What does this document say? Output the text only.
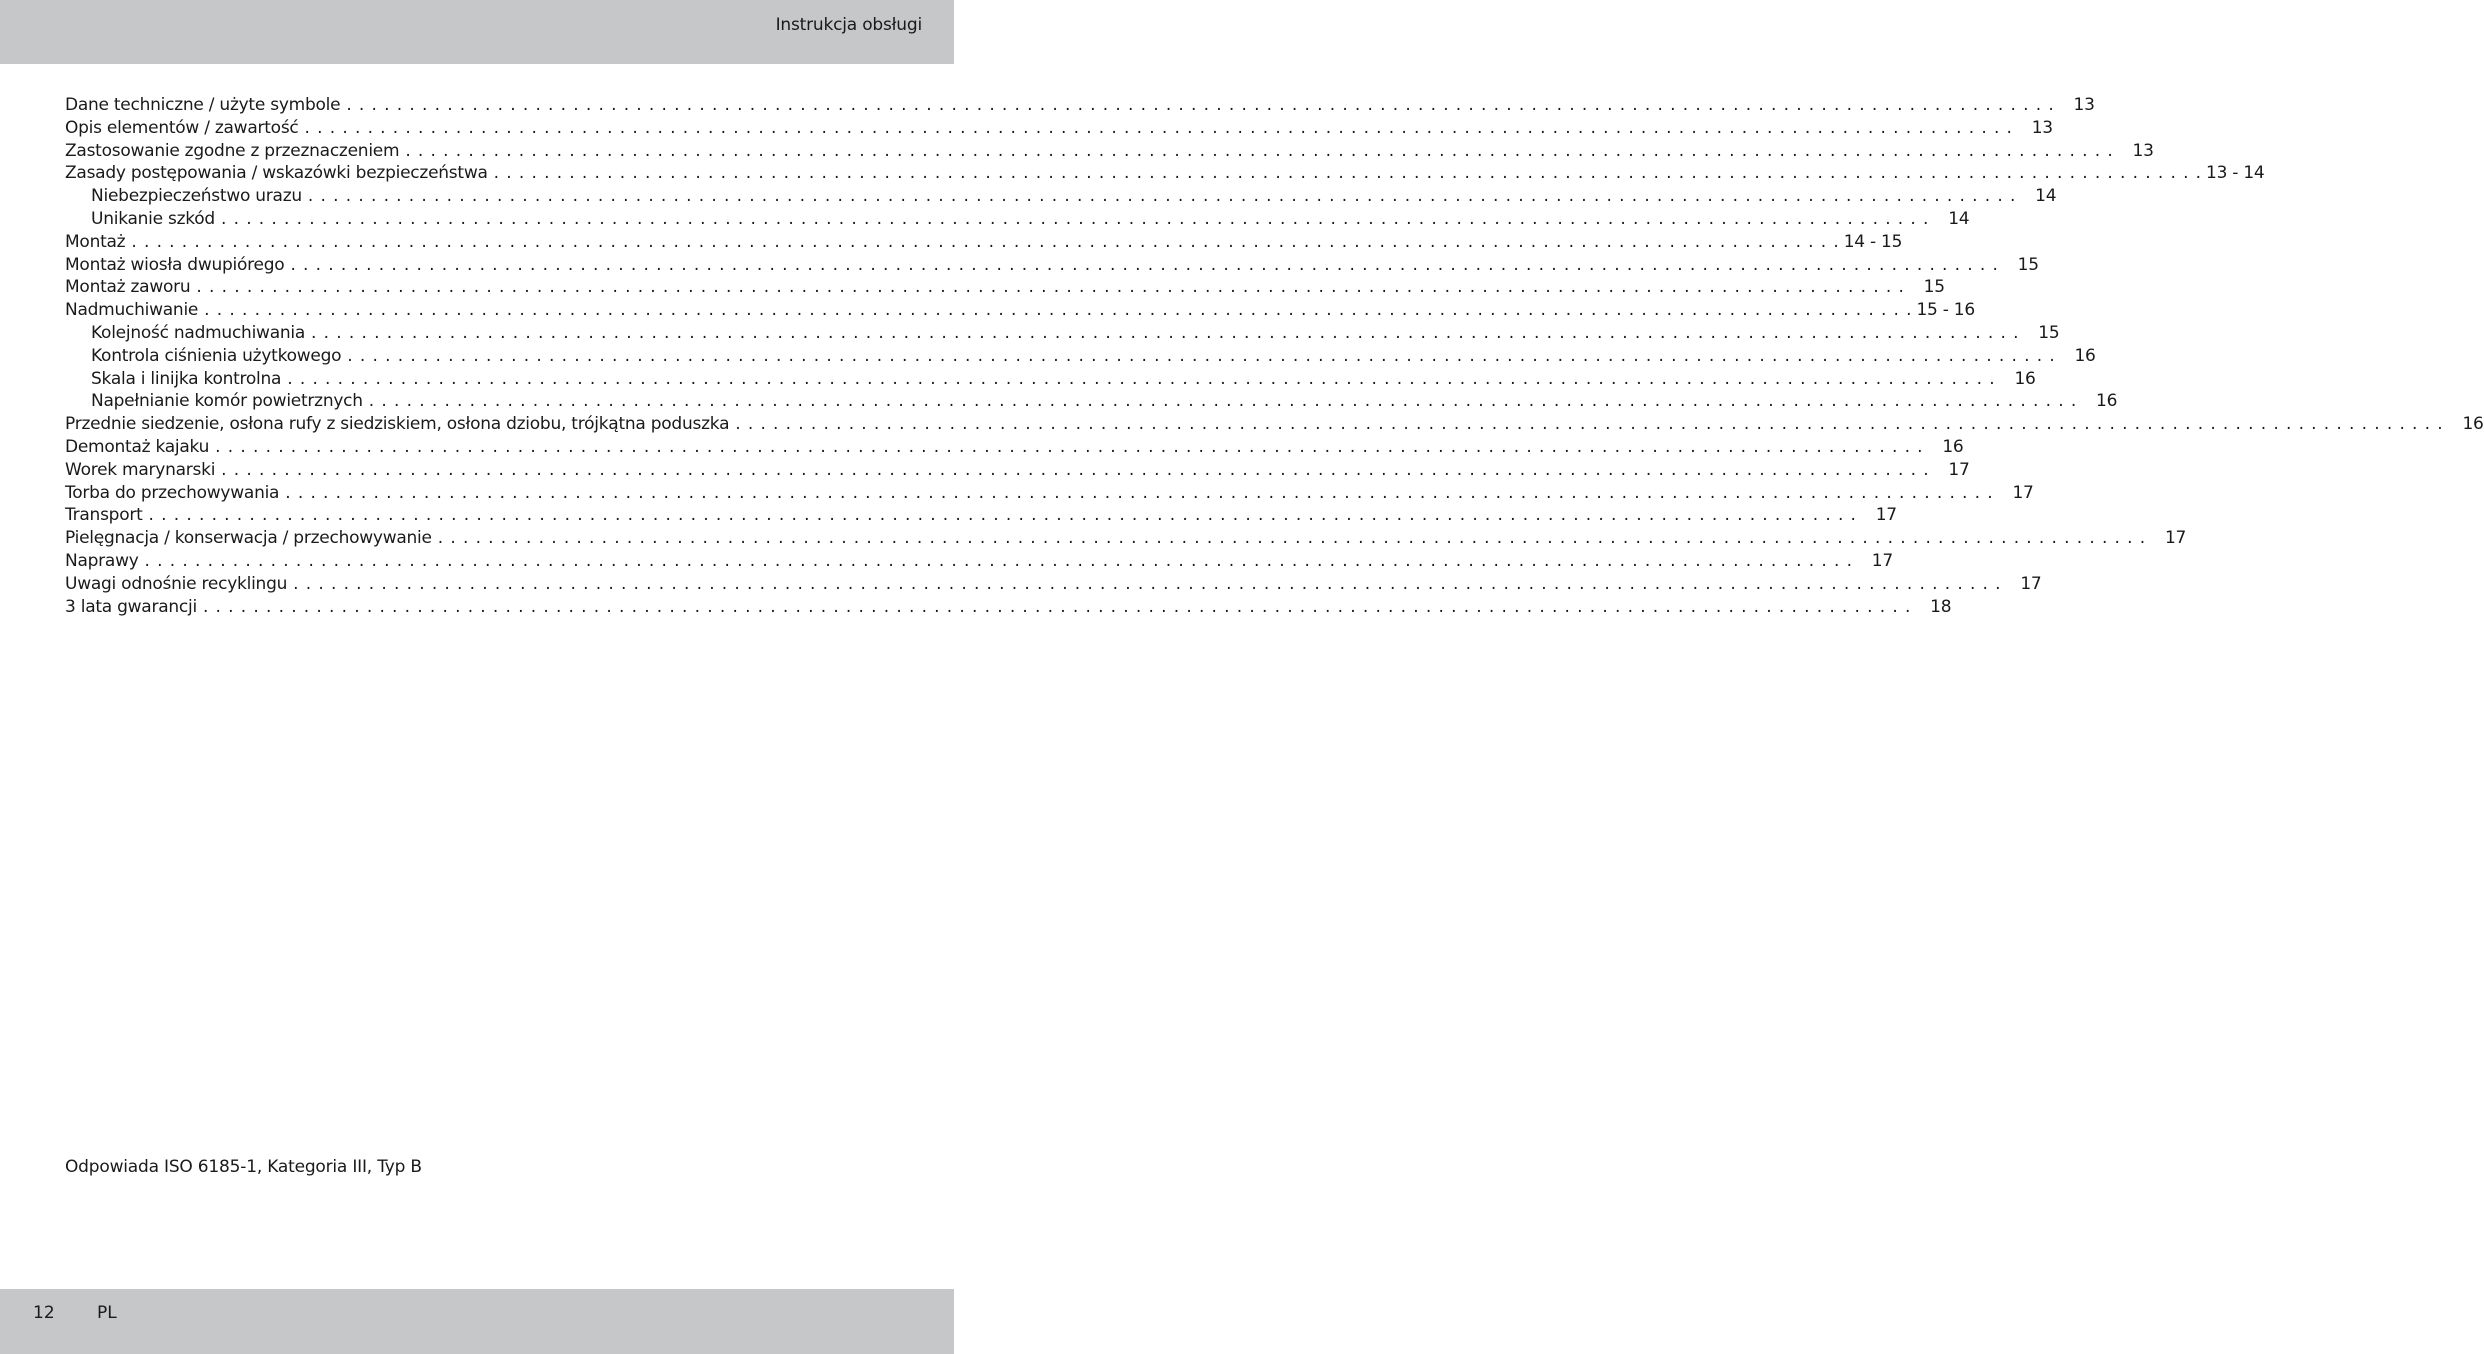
Instrukcja obsługi
Dane techniczne / użyte symbole . . .	13
Opis elementów / zawartość . . .	13
Zastosowanie zgodne z przeznaczeniem . . .	13
Zasady postępowania / wskazówki bezpieczeństwa . . .	13 - 14
Niebezpieczeństwo urazu . . .	14
Unikanie szkód . . .	14
Montaż . . .	14 - 15
Montaż wiosła dwupiórego . . .	15
Montaż zaworu . . .	15
Nadmuchiwanie . . .	15 - 16
Kolejność nadmuchiwania . . .	15
Kontrola ciśnienia użytkowego . . .	16
Skala i linijka kontrolna . . .	16
Napełnianie komór powietrznych . . .	16
Przednie siedzenie, osłona rufy z siedziskiem, osłona dziobu, trójkątna poduszka . . .	16
Demontaż kajaku . . .	16
Worek marynarski . . .	17
Torba do przechowywania . . .	17
Transport . . .	17
Pielęgnacja / konserwacja / przechowywanie . . .	17
Naprawy . . .	17
Uwagi odnośnie recyklingu . . .	17
3 lata gwarancji . . .	18
Odpowiada ISO 6185-1, Kategoria III, Typ B
12 PL
